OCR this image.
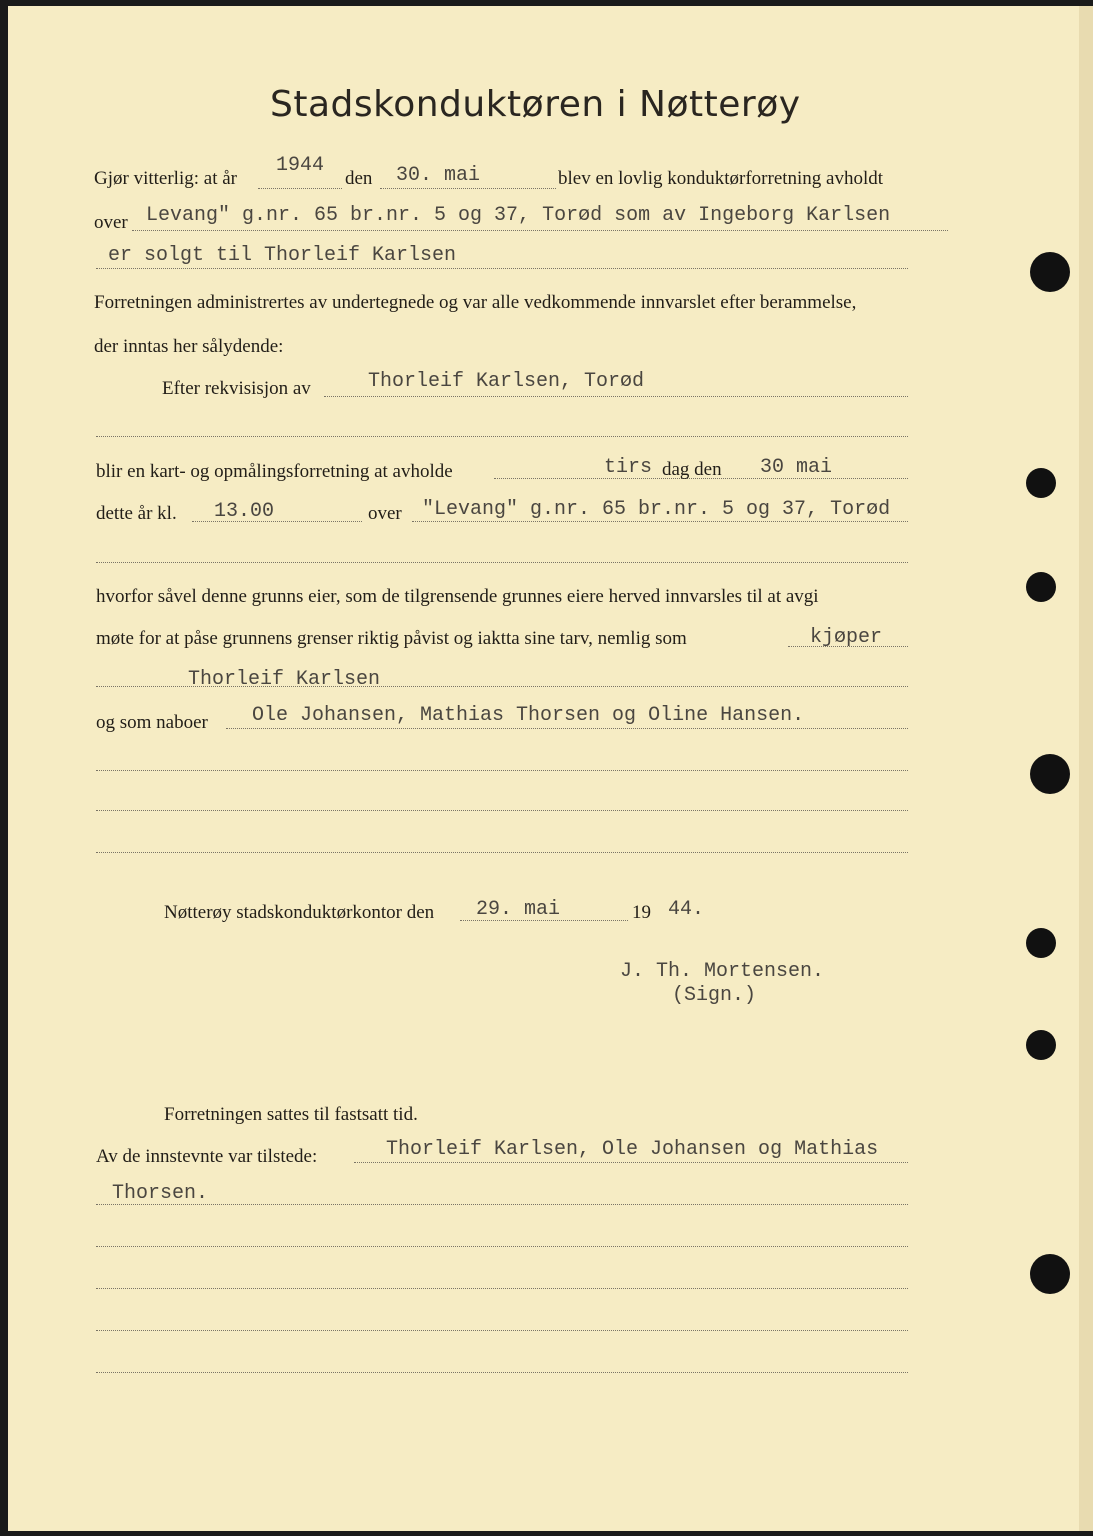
Stadskonduktøren i Nøtterøy
Gjør vitterlig: at år
1944
den 30. mai	blev en lovlig konduktørforretning avholdt
over Levang" g.nr. 65 br.nr. 5 og 37, Torød som av Ingeborg Karlsen
er solgt til Thorleif Karlsen
Forretningen administrertes av undertegnede og var alle vedkommende innvarslet efter berammelse,
der inntas her sålydende:
Efter rekvisisjon av	Thorleif Karlsen, Torød
blir en kart- og opmålingsforretning at avholde	tirs dag den 30 mai
dette år kl. 13.00	over "Levang" g.nr. 65 br.nr. 5 og 37, Torød
hvorfor såvel denne grunns eier, som de tilgrensende grunnes eiere herved innvarsles til at avgi
møte for at påse grunnens grenser riktig påvist og iaktta sine tarv, nemlig som	kjøper
Thorleif Karlsen
og som naboer Ole Johansen, Mathias Thorsen og Oline Hansen.
Nøtterøy stadskonduktørkontor den 29. mai	19 44.
J. Th. Mortensen.
(Sign.)
Forretningen sattes til fastsatt tid.
Av de innstevnte var tilstede:	Thorleif Karlsen, Ole Johansen og Mathias
Thorsen.
